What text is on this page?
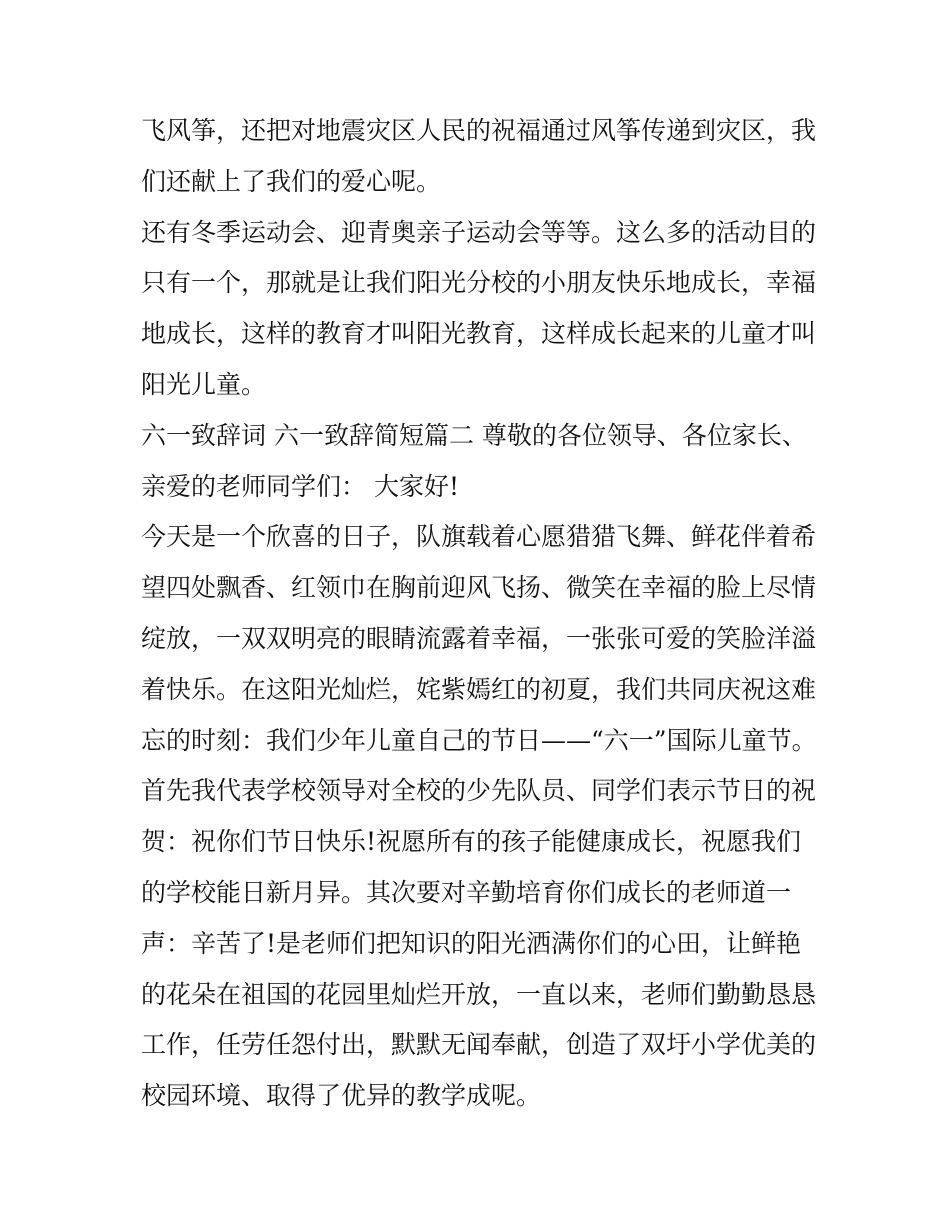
飞风筝，还把对地震灾区人民的祝福通过风筝传递到灾区，我
们还献上了我们的爱心呢。
还有冬季运动会、迎青奥亲子运动会等等。这么多的活动目的
只有一个，那就是让我们阳光分校的小朋友快乐地成长，幸福
地成长，这样的教育才叫阳光教育，这样成长起来的儿童才叫
阳光儿童。
六一致辞词 六一致辞简短篇二 尊敬的各位领导、各位家长、
亲爱的老师同学们： 大家好!
今天是一个欣喜的日子，队旗载着心愿猎猎飞舞、鲜花伴着希
望四处飘香、红领巾在胸前迎风飞扬、微笑在幸福的脸上尽情
绽放，一双双明亮的眼睛流露着幸福，一张张可爱的笑脸洋溢
着快乐。在这阳光灿烂，姹紫嫣红的初夏，我们共同庆祝这难
忘的时刻：我们少年儿童自己的节日——“六一”国际儿童节。
首先我代表学校领导对全校的少先队员、同学们表示节日的祝
贺：祝你们节日快乐!祝愿所有的孩子能健康成长，祝愿我们
的学校能日新月异。其次要对辛勤培育你们成长的老师道一
声：辛苦了!是老师们把知识的阳光洒满你们的心田，让鲜艳
的花朵在祖国的花园里灿烂开放，一直以来，老师们勤勤恳恳
工作，任劳任怨付出，默默无闻奉献，创造了双圩小学优美的
校园环境、取得了优异的教学成呢。
